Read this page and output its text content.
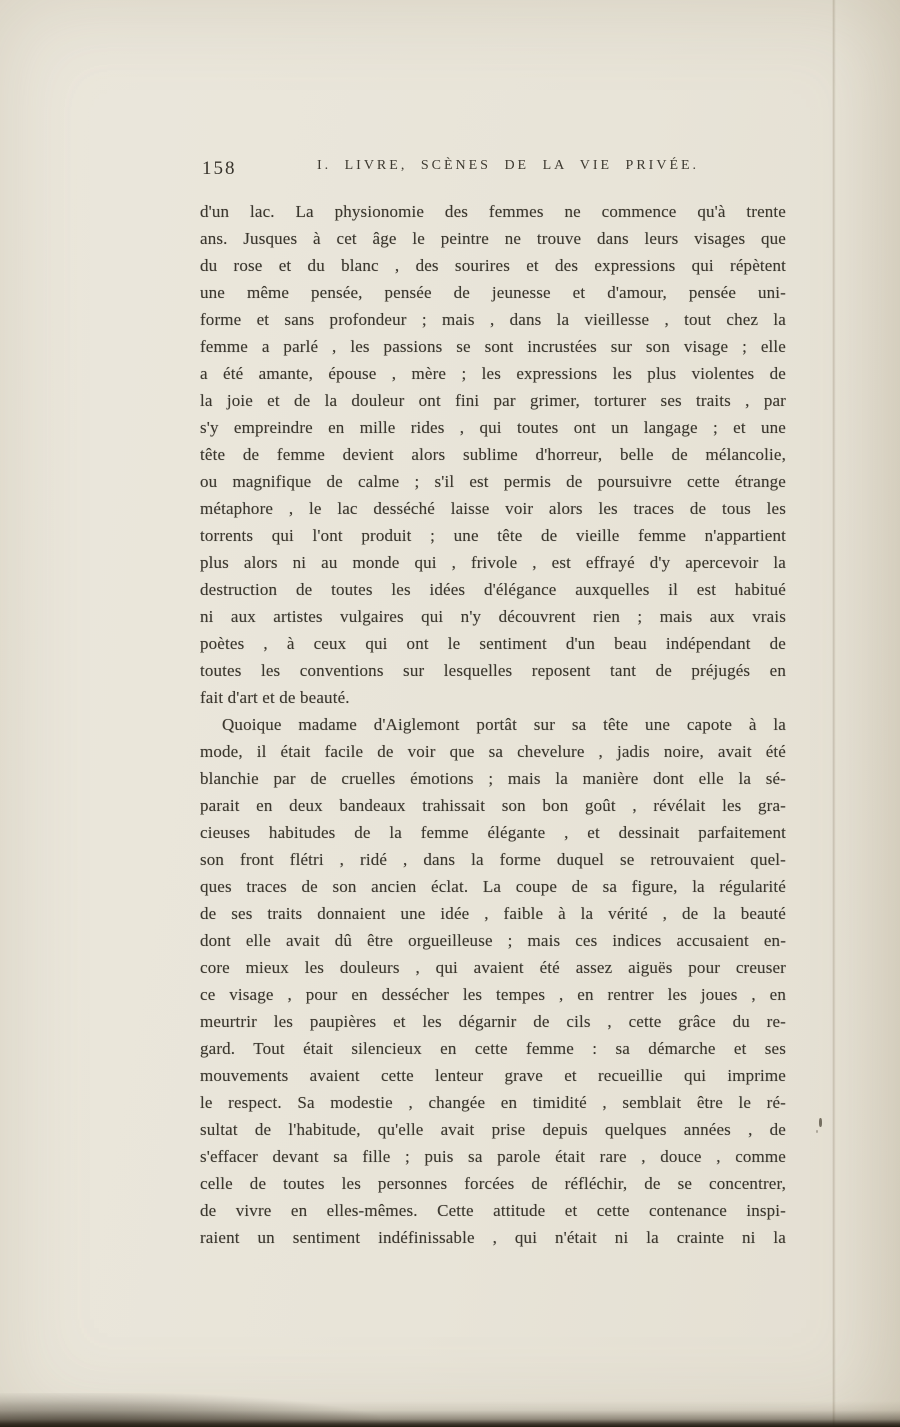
158	I. LIVRE, SCÈNES DE LA VIE PRIVÉE.

d'un lac. La physionomie des femmes ne commence qu'à trente
ans. Jusques à cet âge le peintre ne trouve dans leurs visages que
du rose et du blanc , des sourires et des expressions qui répètent
une même pensée, pensée de jeunesse et d'amour, pensée uni-
forme et sans profondeur ; mais , dans la vieillesse , tout chez la
femme a parlé , les passions se sont incrustées sur son visage ; elle
a été amante, épouse , mère ; les expressions les plus violentes de
la joie et de la douleur ont fini par grimer, torturer ses traits , par
s'y empreindre en mille rides , qui toutes ont un langage ; et une
tête de femme devient alors sublime d'horreur, belle de mélancolie,
ou magnifique de calme ; s'il est permis de poursuivre cette étrange
métaphore , le lac desséché laisse voir alors les traces de tous les
torrents qui l'ont produit ; une tête de vieille femme n'appartient
plus alors ni au monde qui , frivole , est effrayé d'y apercevoir la
destruction de toutes les idées d'élégance auxquelles il est habitué
ni aux artistes vulgaires qui n'y découvrent rien ; mais aux vrais
poètes , à ceux qui ont le sentiment d'un beau indépendant de
toutes les conventions sur lesquelles reposent tant de préjugés en
fait d'art et de beauté.

Quoique madame d'Aiglemont portât sur sa tête une capote à la
mode, il était facile de voir que sa chevelure , jadis noire, avait été
blanchie par de cruelles émotions ; mais la manière dont elle la sé-
parait en deux bandeaux trahissait son bon goût , révélait les gra-
cieuses habitudes de la femme élégante , et dessinait parfaitement
son front flétri , ridé , dans la forme duquel se retrouvaient quel-
ques traces de son ancien éclat. La coupe de sa figure, la régularité
de ses traits donnaient une idée , faible à la vérité , de la beauté
dont elle avait dû être orgueilleuse ; mais ces indices accusaient en-
core mieux les douleurs , qui avaient été assez aiguës pour creuser
ce visage , pour en dessécher les tempes , en rentrer les joues , en
meurtrir les paupières et les dégarnir de cils , cette grâce du re-
gard. Tout était silencieux en cette femme : sa démarche et ses
mouvements avaient cette lenteur grave et recueillie qui imprime
le respect. Sa modestie , changée en timidité , semblait être le ré-
sultat de l'habitude, qu'elle avait prise depuis quelques années , de
s'effacer devant sa fille ; puis sa parole était rare , douce , comme
celle de toutes les personnes forcées de réfléchir, de se concentrer,
de vivre en elles-mêmes. Cette attitude et cette contenance inspi-
raient un sentiment indéfinissable , qui n'était ni la crainte ni la
